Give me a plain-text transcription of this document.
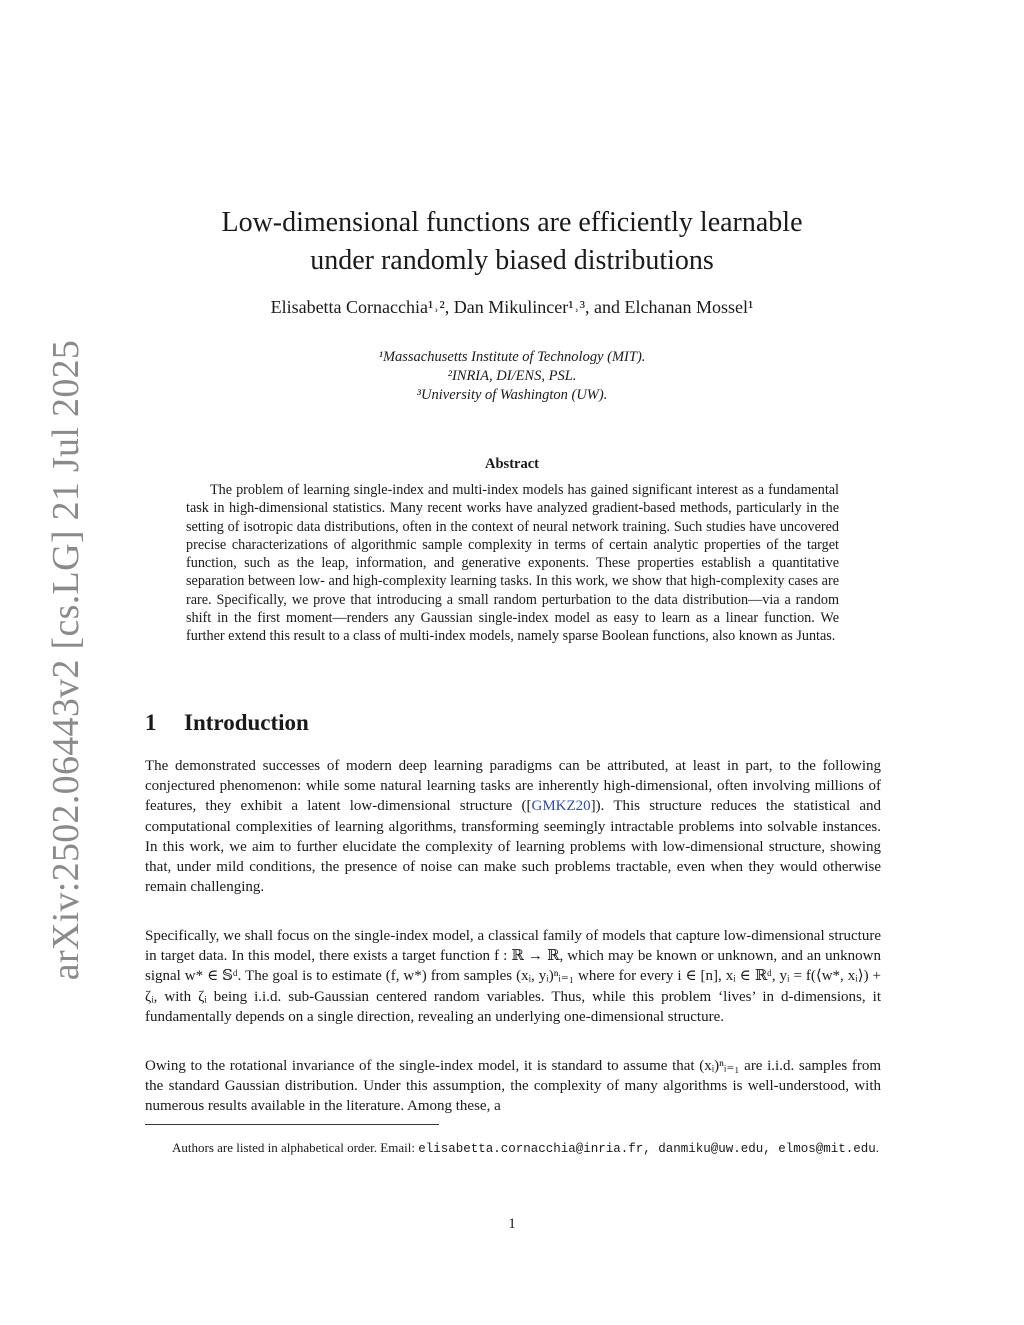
arXiv:2502.06443v2 [cs.LG] 21 Jul 2025
Low-dimensional functions are efficiently learnable
under randomly biased distributions
Elisabetta Cornacchia¹˒², Dan Mikulincer¹˒³, and Elchanan Mossel¹
¹Massachusetts Institute of Technology (MIT).
²INRIA, DI/ENS, PSL.
³University of Washington (UW).
Abstract
The problem of learning single-index and multi-index models has gained significant interest as a fundamental task in high-dimensional statistics. Many recent works have analyzed gradient-based methods, particularly in the setting of isotropic data distributions, often in the context of neural network training. Such studies have uncovered precise characterizations of algorithmic sample complexity in terms of certain analytic properties of the target function, such as the leap, information, and generative exponents. These properties establish a quantitative separation between low- and high-complexity learning tasks. In this work, we show that high-complexity cases are rare. Specifically, we prove that introducing a small random perturbation to the data distribution—via a random shift in the first moment—renders any Gaussian single-index model as easy to learn as a linear function. We further extend this result to a class of multi-index models, namely sparse Boolean functions, also known as Juntas.
1 Introduction

The demonstrated successes of modern deep learning paradigms can be attributed, at least in part, to the following conjectured phenomenon: while some natural learning tasks are inherently high-dimensional, often involving millions of features, they exhibit a latent low-dimensional structure ([GMKZ20]). This structure reduces the statistical and computational complexities of learning algorithms, transforming seemingly intractable problems into solvable instances. In this work, we aim to further elucidate the complexity of learning problems with low-dimensional structure, showing that, under mild conditions, the presence of noise can make such problems tractable, even when they would otherwise remain challenging.

Specifically, we shall focus on the single-index model, a classical family of models that capture low-dimensional structure in target data. In this model, there exists a target function f : ℝ → ℝ, which may be known or unknown, and an unknown signal w* ∈ 𝕊ᵈ. The goal is to estimate (f, w*) from samples (xᵢ, yᵢ)ⁿᵢ₌₁ where for every i ∈ [n], xᵢ ∈ ℝᵈ, yᵢ = f(⟨w*, xᵢ⟩) + ζᵢ, with ζᵢ being i.i.d. sub-Gaussian centered random variables. Thus, while this problem ‘lives’ in d-dimensions, it fundamentally depends on a single direction, revealing an underlying one-dimensional structure.

Owing to the rotational invariance of the single-index model, it is standard to assume that (xᵢ)ⁿᵢ₌₁ are i.i.d. samples from the standard Gaussian distribution. Under this assumption, the complexity of many algorithms is well-understood, with numerous results available in the literature. Among these, a

Authors are listed in alphabetical order. Email: elisabetta.cornacchia@inria.fr, danmiku@uw.edu, elmos@mit.edu.
1
